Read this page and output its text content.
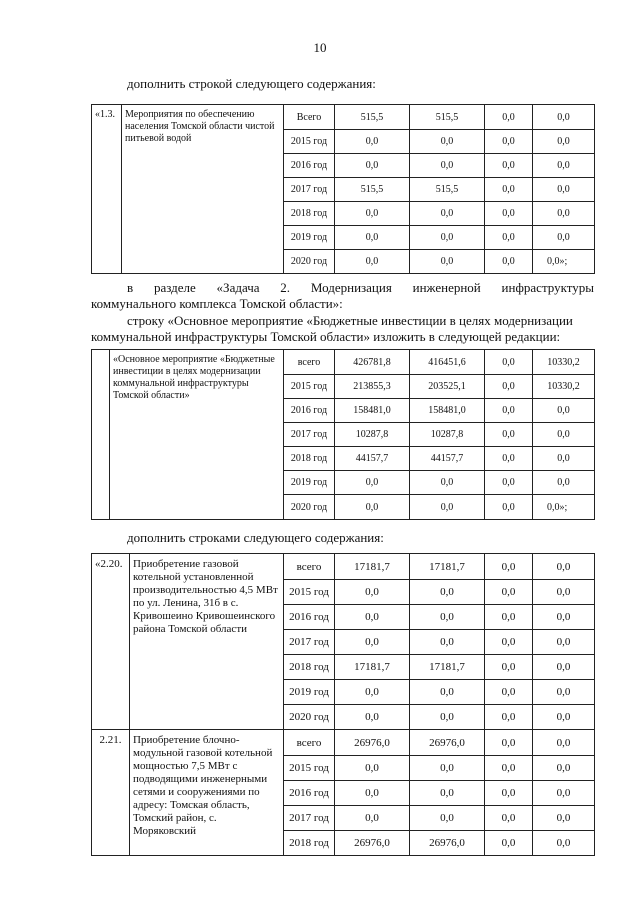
10
дополнить строкой следующего содержания:
«1.3.	Мероприятия по обеспечению населения Томской области чистой питьевой водой	Всего	515,5	515,5	0,0	0,0
		2015 год	0,0	0,0	0,0	0,0
		2016 год	0,0	0,0	0,0	0,0
		2017 год	515,5	515,5	0,0	0,0
		2018 год	0,0	0,0	0,0	0,0
		2019 год	0,0	0,0	0,0	0,0
		2020 год	0,0	0,0	0,0	0,0»;
в разделе «Задача 2. Модернизация инженерной инфраструктуры
коммунального комплекса Томской области»:
строку «Основное мероприятие «Бюджетные инвестиции в целях модернизации
коммунальной инфраструктуры Томской области» изложить в следующей редакции:
	«Основное мероприятие «Бюджетные инвестиции в целях модернизации коммунальной инфраструктуры Томской области»	всего	426781,8	416451,6	0,0	10330,2
		2015 год	213855,3	203525,1	0,0	10330,2
		2016 год	158481,0	158481,0	0,0	0,0
		2017 год	10287,8	10287,8	0,0	0,0
		2018 год	44157,7	44157,7	0,0	0,0
		2019 год	0,0	0,0	0,0	0,0
		2020 год	0,0	0,0	0,0	0,0»;
дополнить строками следующего содержания:
«2.20.	Приобретение газовой котельной установленной производительностью 4,5 МВт по ул. Ленина, 31б в с. Кривошеино Кривошеинского района Томской области	всего	17181,7	17181,7	0,0	0,0
		2015 год	0,0	0,0	0,0	0,0
		2016 год	0,0	0,0	0,0	0,0
		2017 год	0,0	0,0	0,0	0,0
		2018 год	17181,7	17181,7	0,0	0,0
		2019 год	0,0	0,0	0,0	0,0
		2020 год	0,0	0,0	0,0	0,0
2.21.	Приобретение блочно-модульной газовой котельной мощностью 7,5 МВт с подводящими инженерными сетями и сооружениями по адресу: Томская область, Томский район, с. Моряковский	всего	26976,0	26976,0	0,0	0,0
		2015 год	0,0	0,0	0,0	0,0
		2016 год	0,0	0,0	0,0	0,0
		2017 год	0,0	0,0	0,0	0,0
		2018 год	26976,0	26976,0	0,0	0,0
